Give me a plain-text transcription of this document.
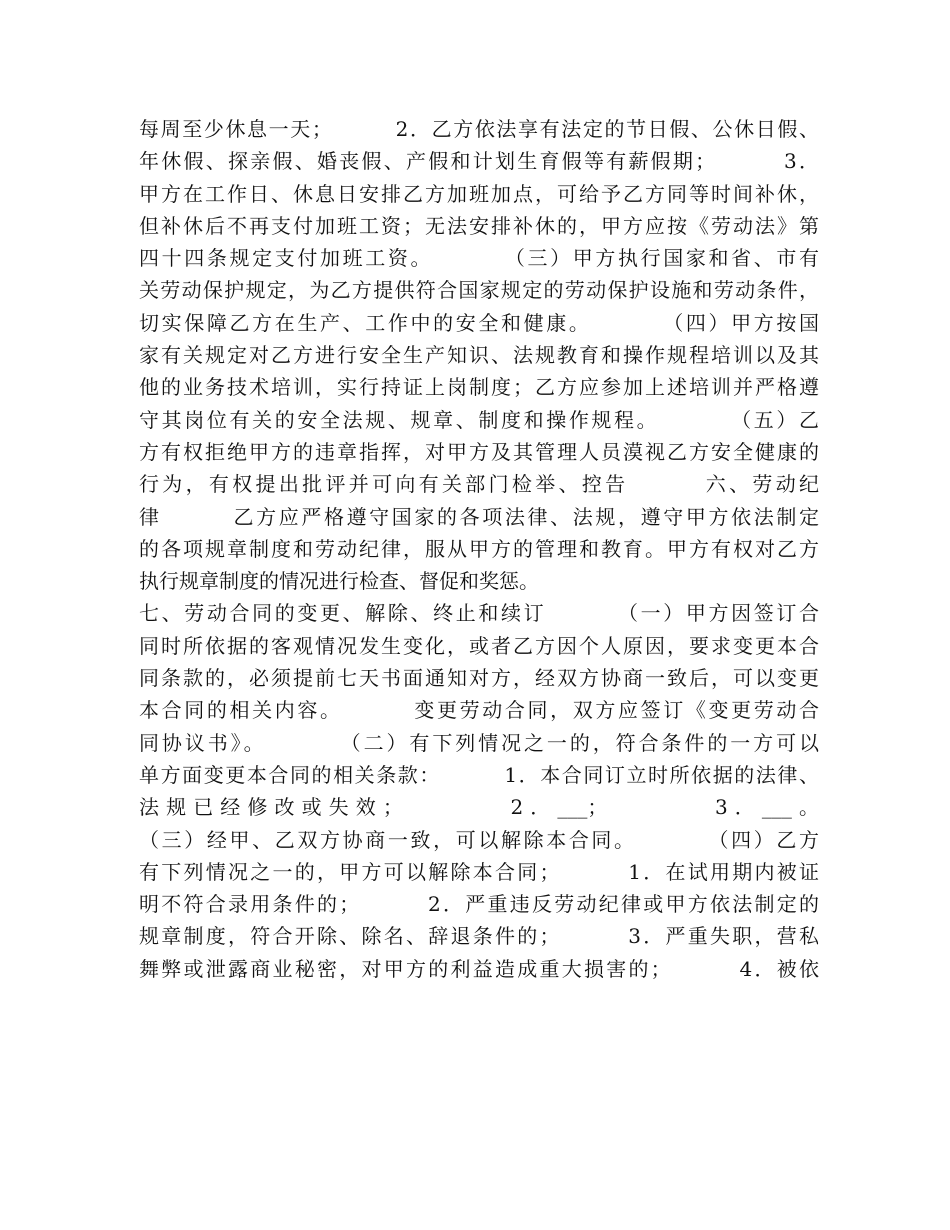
每周至少休息一天；        2．乙方依法享有法定的节日假、公休日假、
年休假、探亲假、婚丧假、产假和计划生育假等有薪假期；        3．
甲方在工作日、休息日安排乙方加班加点，可给予乙方同等时间补休，
但补休后不再支付加班工资；无法安排补休的，甲方应按《劳动法》第
四十四条规定支付加班工资。        （三）甲方执行国家和省、市有
关劳动保护规定，为乙方提供符合国家规定的劳动保护设施和劳动条件，
切实保障乙方在生产、工作中的安全和健康。        （四）甲方按国
家有关规定对乙方进行安全生产知识、法规教育和操作规程培训以及其
他的业务技术培训，实行持证上岗制度；乙方应参加上述培训并严格遵
守其岗位有关的安全法规、规章、制度和操作规程。        （五）乙
方有权拒绝甲方的违章指挥，对甲方及其管理人员漠视乙方安全健康的
行为，有权提出批评并可向有关部门检举、控告        六、劳动纪
律        乙方应严格遵守国家的各项法律、法规，遵守甲方依法制定
的各项规章制度和劳动纪律，服从甲方的管理和教育。甲方有权对乙方
执行规章制度的情况进行检查、督促和奖惩。
七、劳动合同的变更、解除、终止和续订        （一）甲方因签订合
同时所依据的客观情况发生变化，或者乙方因个人原因，要求变更本合
同条款的，必须提前七天书面通知对方，经双方协商一致后，可以变更
本合同的相关内容。        变更劳动合同，双方应签订《变更劳动合
同协议书》。        （二）有下列情况之一的，符合条件的一方可以
单方面变更本合同的相关条款：        1．本合同订立时所依据的法律、
法规已经修改或失效；        2．___；        3．___。
（三）经甲、乙双方协商一致，可以解除本合同。        （四）乙方
有下列情况之一的，甲方可以解除本合同；        1．在试用期内被证
明不符合录用条件的；        2．严重违反劳动纪律或甲方依法制定的
规章制度，符合开除、除名、辞退条件的；        3．严重失职，营私
舞弊或泄露商业秘密，对甲方的利益造成重大损害的；        4．被依
